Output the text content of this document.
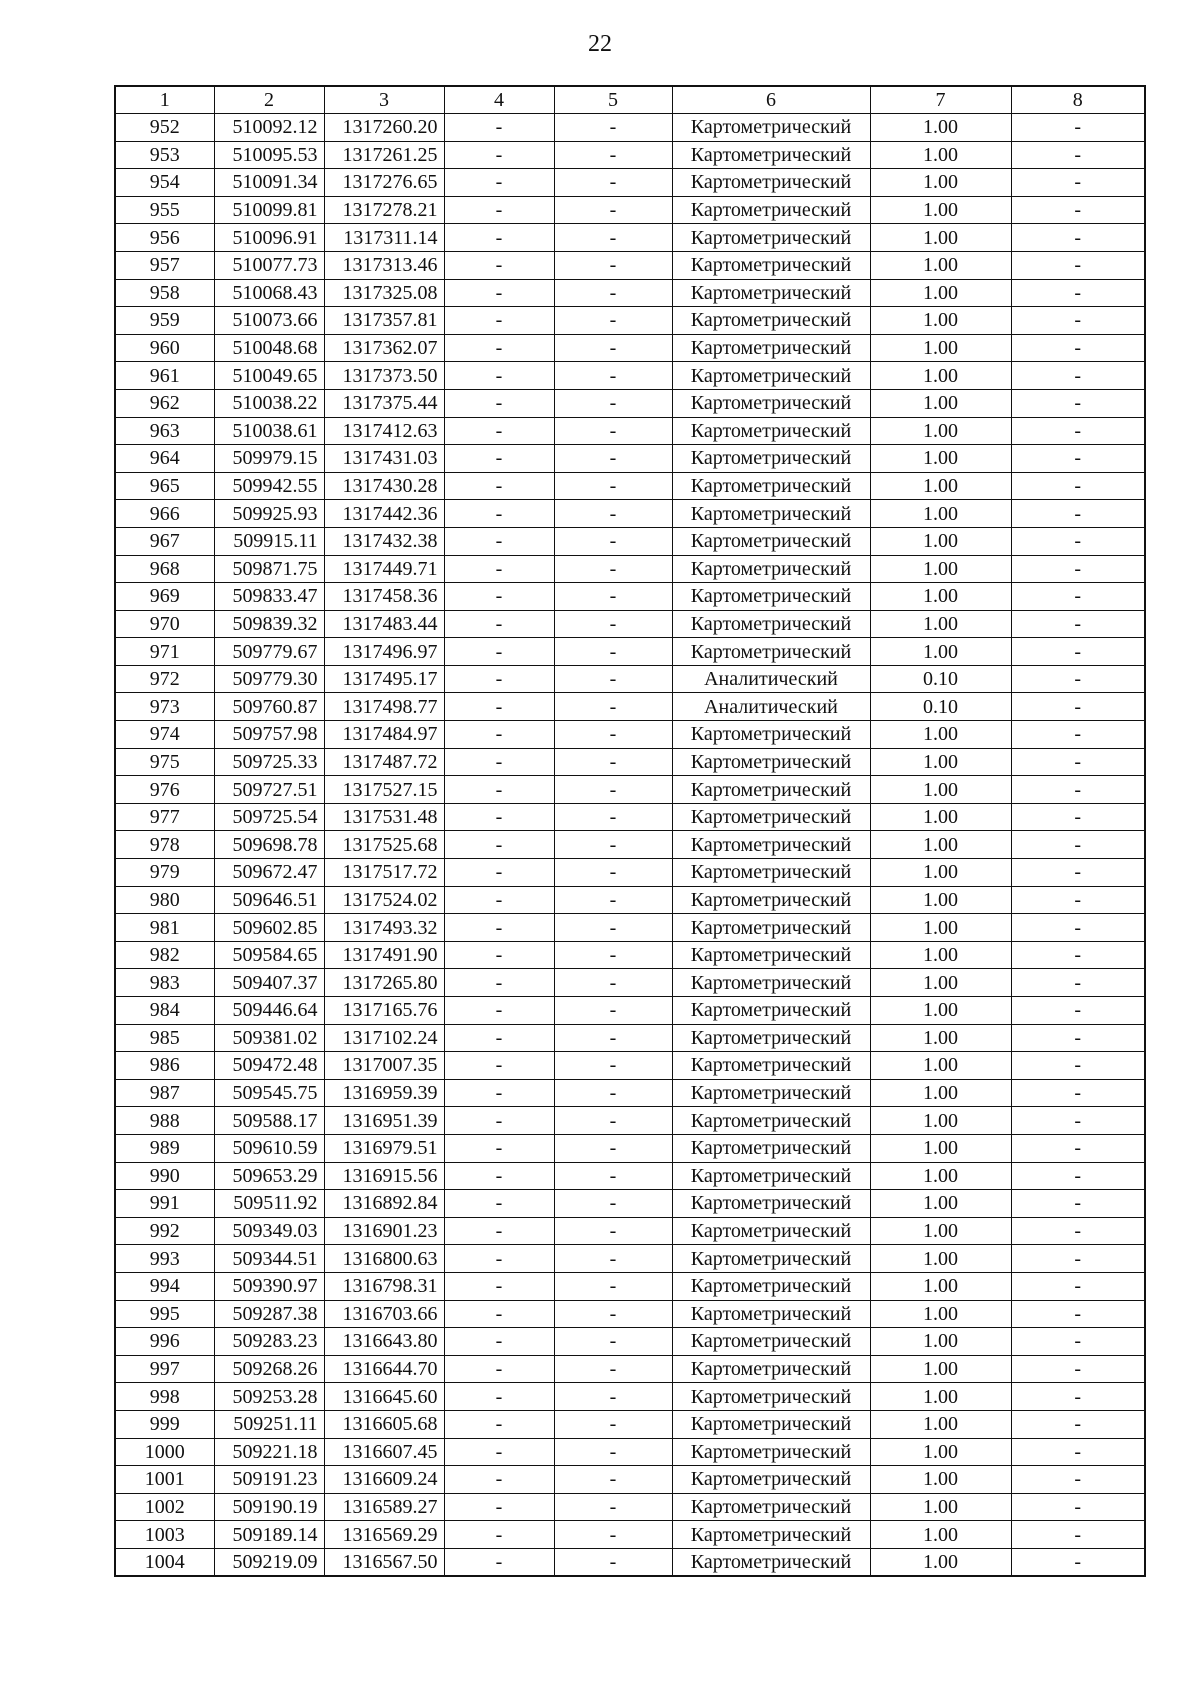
22
1	2	3	4	5	6	7	8
952	510092.12	1317260.20	-	-	Картометрический	1.00	-
953	510095.53	1317261.25	-	-	Картометрический	1.00	-
954	510091.34	1317276.65	-	-	Картометрический	1.00	-
955	510099.81	1317278.21	-	-	Картометрический	1.00	-
956	510096.91	1317311.14	-	-	Картометрический	1.00	-
957	510077.73	1317313.46	-	-	Картометрический	1.00	-
958	510068.43	1317325.08	-	-	Картометрический	1.00	-
959	510073.66	1317357.81	-	-	Картометрический	1.00	-
960	510048.68	1317362.07	-	-	Картометрический	1.00	-
961	510049.65	1317373.50	-	-	Картометрический	1.00	-
962	510038.22	1317375.44	-	-	Картометрический	1.00	-
963	510038.61	1317412.63	-	-	Картометрический	1.00	-
964	509979.15	1317431.03	-	-	Картометрический	1.00	-
965	509942.55	1317430.28	-	-	Картометрический	1.00	-
966	509925.93	1317442.36	-	-	Картометрический	1.00	-
967	509915.11	1317432.38	-	-	Картометрический	1.00	-
968	509871.75	1317449.71	-	-	Картометрический	1.00	-
969	509833.47	1317458.36	-	-	Картометрический	1.00	-
970	509839.32	1317483.44	-	-	Картометрический	1.00	-
971	509779.67	1317496.97	-	-	Картометрический	1.00	-
972	509779.30	1317495.17	-	-	Аналитический	0.10	-
973	509760.87	1317498.77	-	-	Аналитический	0.10	-
974	509757.98	1317484.97	-	-	Картометрический	1.00	-
975	509725.33	1317487.72	-	-	Картометрический	1.00	-
976	509727.51	1317527.15	-	-	Картометрический	1.00	-
977	509725.54	1317531.48	-	-	Картометрический	1.00	-
978	509698.78	1317525.68	-	-	Картометрический	1.00	-
979	509672.47	1317517.72	-	-	Картометрический	1.00	-
980	509646.51	1317524.02	-	-	Картометрический	1.00	-
981	509602.85	1317493.32	-	-	Картометрический	1.00	-
982	509584.65	1317491.90	-	-	Картометрический	1.00	-
983	509407.37	1317265.80	-	-	Картометрический	1.00	-
984	509446.64	1317165.76	-	-	Картометрический	1.00	-
985	509381.02	1317102.24	-	-	Картометрический	1.00	-
986	509472.48	1317007.35	-	-	Картометрический	1.00	-
987	509545.75	1316959.39	-	-	Картометрический	1.00	-
988	509588.17	1316951.39	-	-	Картометрический	1.00	-
989	509610.59	1316979.51	-	-	Картометрический	1.00	-
990	509653.29	1316915.56	-	-	Картометрический	1.00	-
991	509511.92	1316892.84	-	-	Картометрический	1.00	-
992	509349.03	1316901.23	-	-	Картометрический	1.00	-
993	509344.51	1316800.63	-	-	Картометрический	1.00	-
994	509390.97	1316798.31	-	-	Картометрический	1.00	-
995	509287.38	1316703.66	-	-	Картометрический	1.00	-
996	509283.23	1316643.80	-	-	Картометрический	1.00	-
997	509268.26	1316644.70	-	-	Картометрический	1.00	-
998	509253.28	1316645.60	-	-	Картометрический	1.00	-
999	509251.11	1316605.68	-	-	Картометрический	1.00	-
1000	509221.18	1316607.45	-	-	Картометрический	1.00	-
1001	509191.23	1316609.24	-	-	Картометрический	1.00	-
1002	509190.19	1316589.27	-	-	Картометрический	1.00	-
1003	509189.14	1316569.29	-	-	Картометрический	1.00	-
1004	509219.09	1316567.50	-	-	Картометрический	1.00	-
